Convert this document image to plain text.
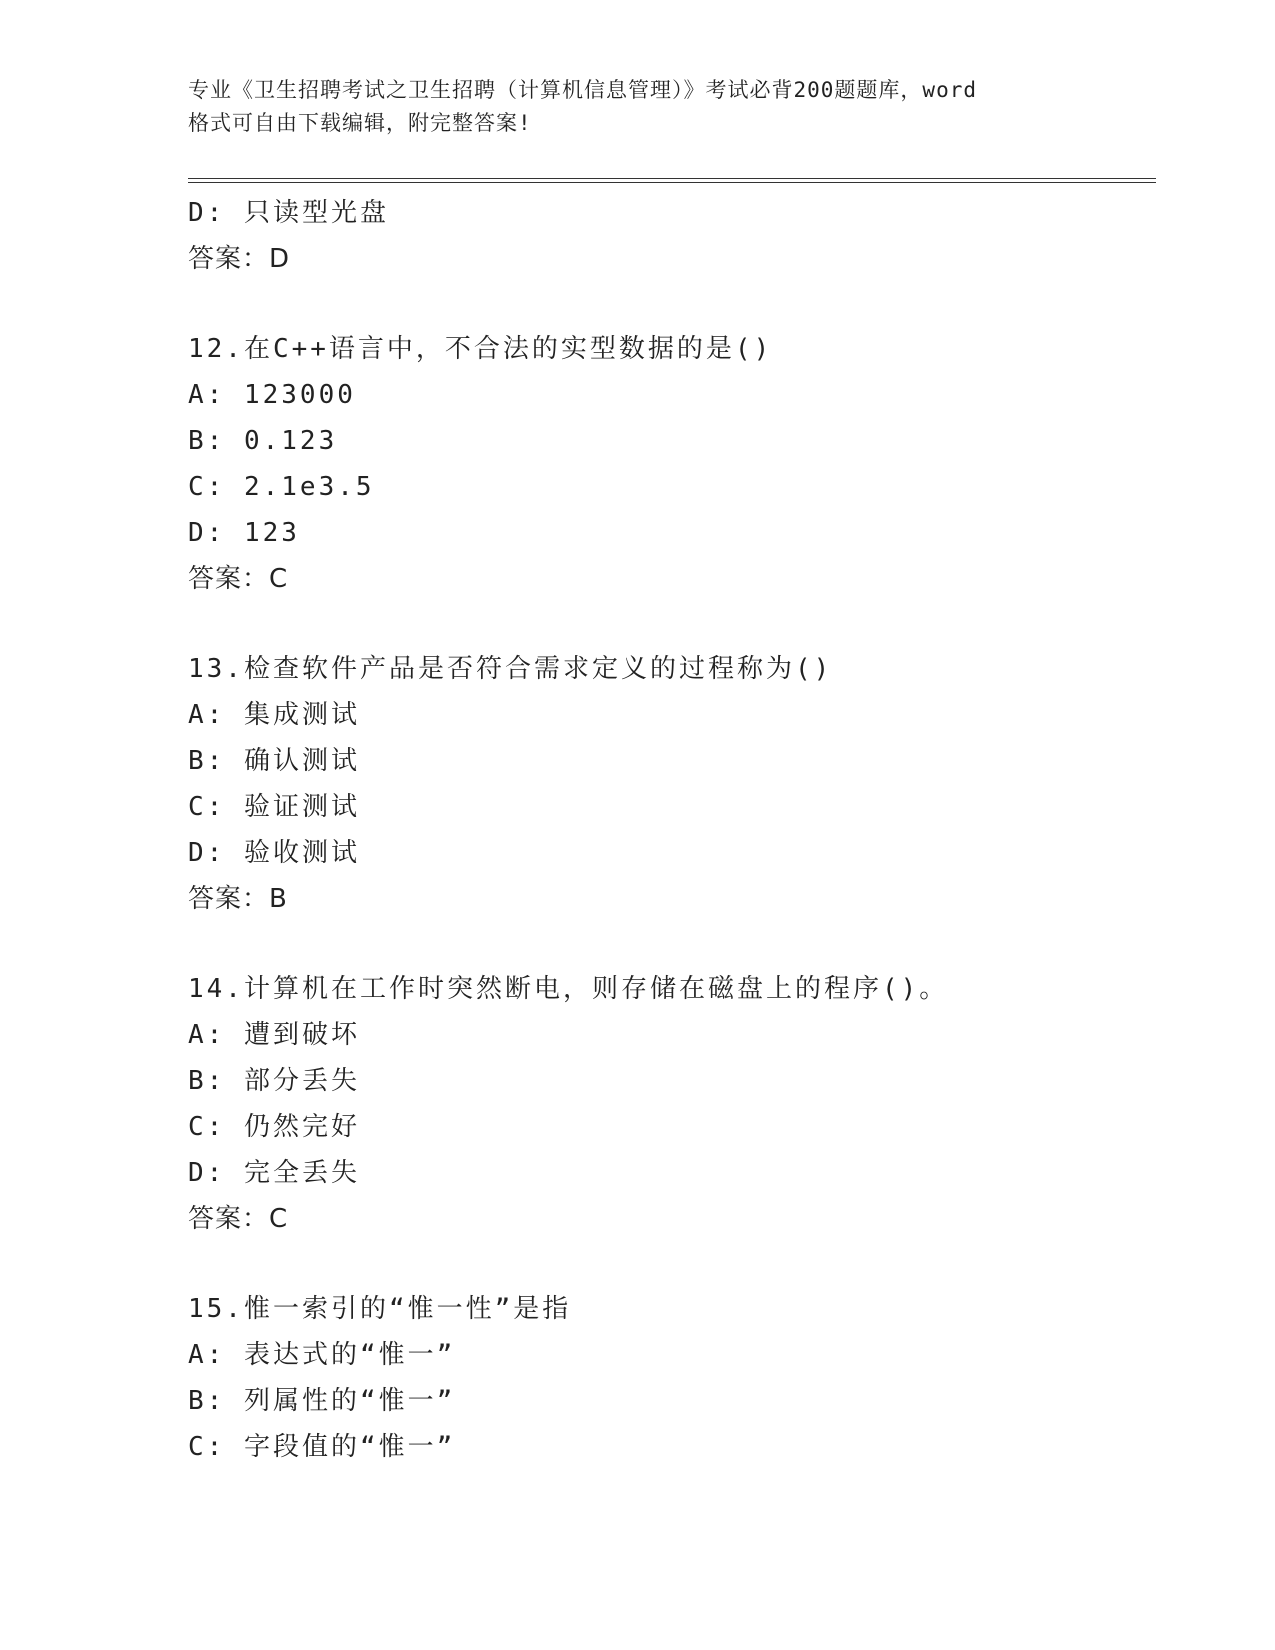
专业《卫生招聘考试之卫生招聘（计算机信息管理）》考试必背200题题库，word
格式可自由下载编辑，附完整答案!
D: 只读型光盘
答案：D
12.在C++语言中，不合法的实型数据的是()
A: 123000
B: 0.123
C: 2.1e3.5
D: 123
答案：C
13.检查软件产品是否符合需求定义的过程称为()
A: 集成测试
B: 确认测试
C: 验证测试
D: 验收测试
答案：B
14.计算机在工作时突然断电，则存储在磁盘上的程序()。
A: 遭到破坏
B: 部分丢失
C: 仍然完好
D: 完全丢失
答案：C
15.惟一索引的“惟一性”是指
A: 表达式的“惟一”
B: 列属性的“惟一”
C: 字段值的“惟一”
